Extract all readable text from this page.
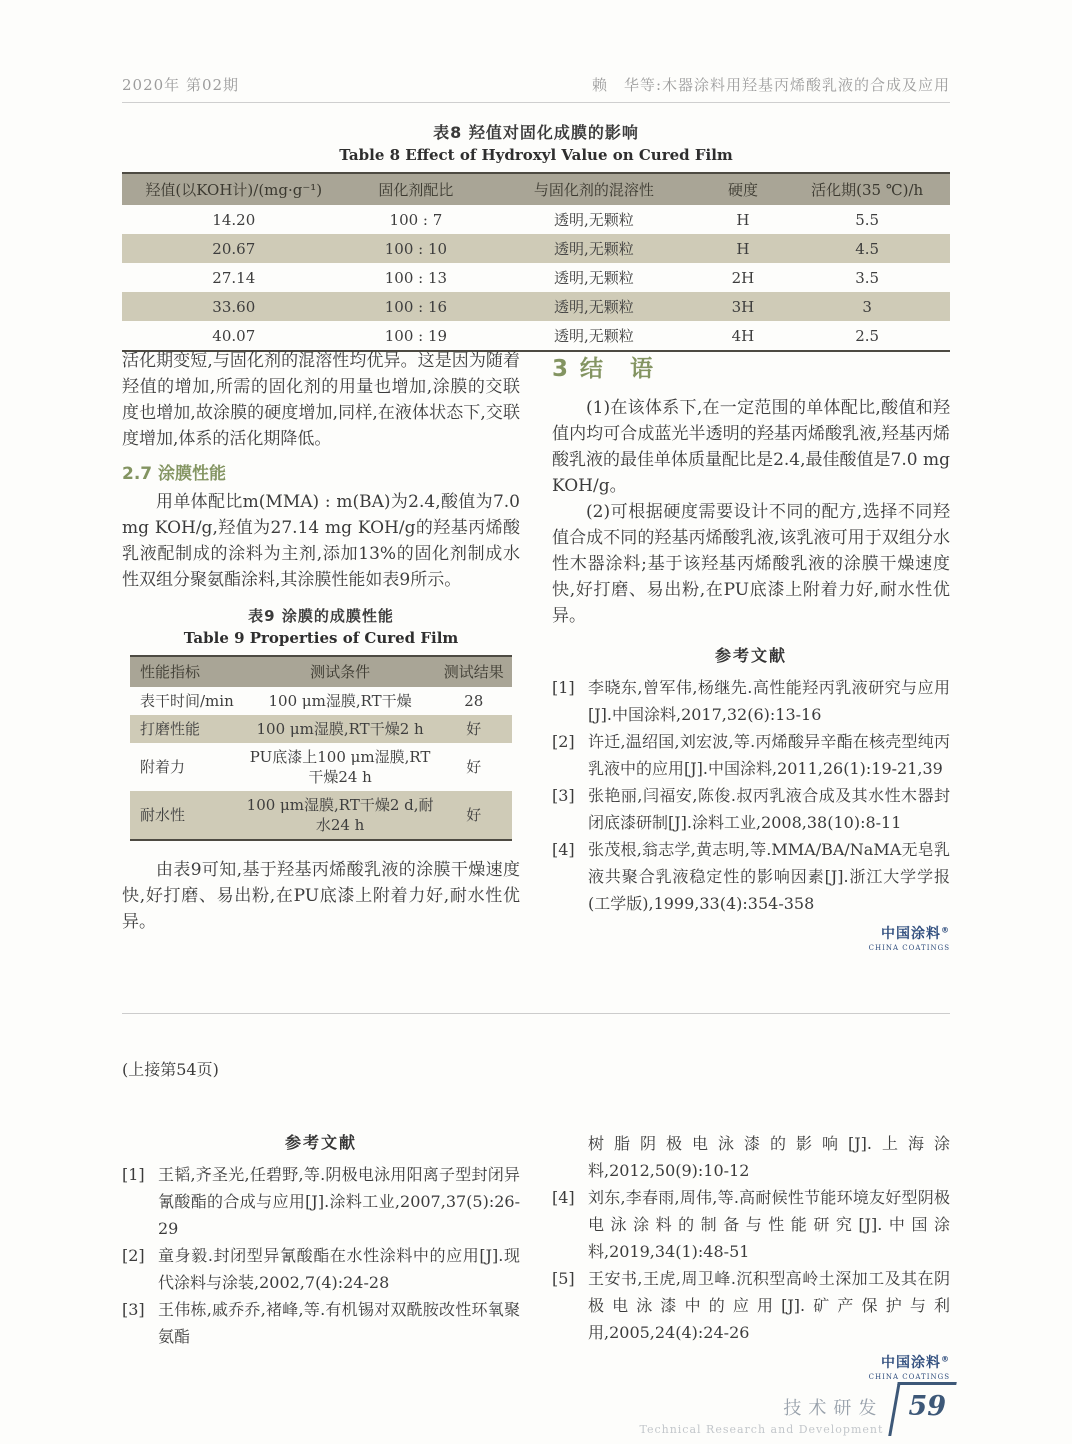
2020年 第02期	赖　华等:木器涂料用羟基丙烯酸乳液的合成及应用
表8 羟值对固化成膜的影响
Table 8 Effect of Hydroxyl Value on Cured Film
羟值(以KOH计)/(mg·g⁻¹)	固化剂配比	与固化剂的混溶性	硬度	活化期(35 ℃)/h
14.20	100 : 7	透明,无颗粒	H	5.5
20.67	100 : 10	透明,无颗粒	H	4.5
27.14	100 : 13	透明,无颗粒	2H	3.5
33.60	100 : 16	透明,无颗粒	3H	3
40.07	100 : 19	透明,无颗粒	4H	2.5

活化期变短,与固化剂的混溶性均优异。这是因为随着羟值的增加,所需的固化剂的用量也增加,涂膜的交联度也增加,故涂膜的硬度增加,同样,在液体状态下,交联度增加,体系的活化期降低。

2.7 涂膜性能

用单体配比m(MMA) : m(BA)为2.4,酸值为7.0 mg KOH/g,羟值为27.14 mg KOH/g的羟基丙烯酸乳液配制成的涂料为主剂,添加13%的固化剂制成水性双组分聚氨酯涂料,其涂膜性能如表9所示。

表9 涂膜的成膜性能
Table 9 Properties of Cured Film
性能指标	测试条件	测试结果
表干时间/min	100 μm湿膜,RT干燥	28
打磨性能	100 μm湿膜,RT干燥2 h	好
附着力	PU底漆上100 μm湿膜,RT干燥24 h	好
耐水性	100 μm湿膜,RT干燥2 d,耐水24 h	好

由表9可知,基于羟基丙烯酸乳液的涂膜干燥速度快,好打磨、易出粉,在PU底漆上附着力好,耐水性优异。

3 结　语

(1)在该体系下,在一定范围的单体配比,酸值和羟值内均可合成蓝光半透明的羟基丙烯酸乳液,羟基丙烯酸乳液的最佳单体质量配比是2.4,最佳酸值是7.0 mg KOH/g。

(2)可根据硬度需要设计不同的配方,选择不同羟值合成不同的羟基丙烯酸乳液,该乳液可用于双组分水性木器涂料;基于该羟基丙烯酸乳液的涂膜干燥速度快,好打磨、易出粉,在PU底漆上附着力好,耐水性优异。

参考文献
[1] 李晓东,曾军伟,杨继先.高性能羟丙乳液研究与应用[J].中国涂料,2017,32(6):13-16
[2] 许迁,温绍国,刘宏波,等.丙烯酸异辛酯在核壳型纯丙乳液中的应用[J].中国涂料,2011,26(1):19-21,39
[3] 张艳丽,闫福安,陈俊.叔丙乳液合成及其水性木器封闭底漆研制[J].涂料工业,2008,38(10):8-11
[4] 张茂根,翁志学,黄志明,等.MMA/BA/NaMA无皂乳液共聚合乳液稳定性的影响因素[J].浙江大学学报(工学版),1999,33(4):354-358
中国涂料®
CHINA COATINGS
(上接第54页)
参考文献
[1] 王韬,齐圣光,任碧野,等.阴极电泳用阳离子型封闭异氰酸酯的合成与应用[J].涂料工业,2007,37(5):26-29
[2] 童身毅.封闭型异氰酸酯在水性涂料中的应用[J].现代涂料与涂装,2002,7(4):24-28
[3] 王伟栋,戚乔乔,褚峰,等.有机锡对双酰胺改性环氧聚氨酯
树脂阴极电泳漆的影响[J].上海涂料,2012,50(9):10-12
[4] 刘东,李春雨,周伟,等.高耐候性节能环境友好型阴极电泳涂料的制备与性能研究[J].中国涂料,2019,34(1):48-51
[5] 王安书,王虎,周卫峰.沉积型高岭土深加工及其在阴极电泳漆中的应用[J].矿产保护与利用,2005,24(4):24-26
中国涂料®
CHINA COATINGS
技术研发
Technical Research and Development
59
